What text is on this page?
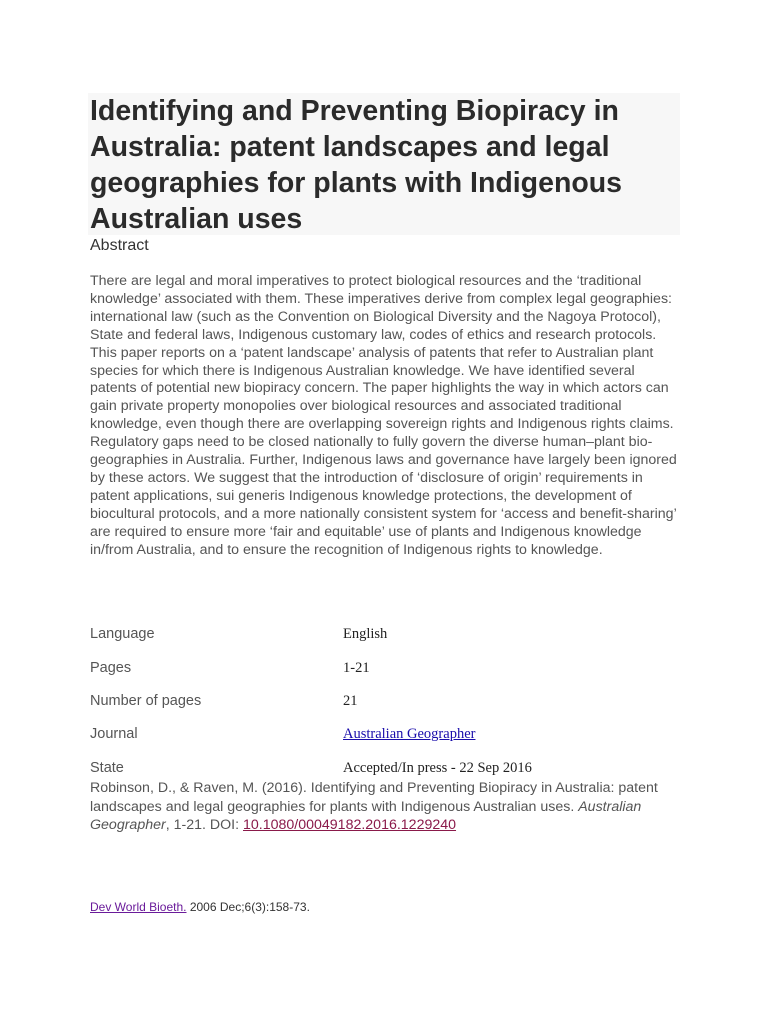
Identifying and Preventing Biopiracy in Australia: patent landscapes and legal geographies for plants with Indigenous Australian uses
Abstract

There are legal and moral imperatives to protect biological resources and the ‘traditional knowledge’ associated with them. These imperatives derive from complex legal geographies: international law (such as the Convention on Biological Diversity and the Nagoya Protocol), State and federal laws, Indigenous customary law, codes of ethics and research protocols. This paper reports on a ‘patent landscape’ analysis of patents that refer to Australian plant species for which there is Indigenous Australian knowledge. We have identified several patents of potential new biopiracy concern. The paper highlights the way in which actors can gain private property monopolies over biological resources and associated traditional knowledge, even though there are overlapping sovereign rights and Indigenous rights claims. Regulatory gaps need to be closed nationally to fully govern the diverse human–plant bio-geographies in Australia. Further, Indigenous laws and governance have largely been ignored by these actors. We suggest that the introduction of ‘disclosure of origin’ requirements in patent applications, sui generis Indigenous knowledge protections, the development of biocultural protocols, and a more nationally consistent system for ‘access and benefit-sharing’ are required to ensure more ‘fair and equitable’ use of plants and Indigenous knowledge in/from Australia, and to ensure the recognition of Indigenous rights to knowledge.

Language	English
Pages	1-21
Number of pages	21
Journal	Australian Geographer
State	Accepted/In press - 22 Sep 2016

Robinson, D., & Raven, M. (2016). Identifying and Preventing Biopiracy in Australia: patent landscapes and legal geographies for plants with Indigenous Australian uses. Australian Geographer, 1-21. DOI: 10.1080/00049182.2016.1229240

Dev World Bioeth. 2006 Dec;6(3):158-73.
